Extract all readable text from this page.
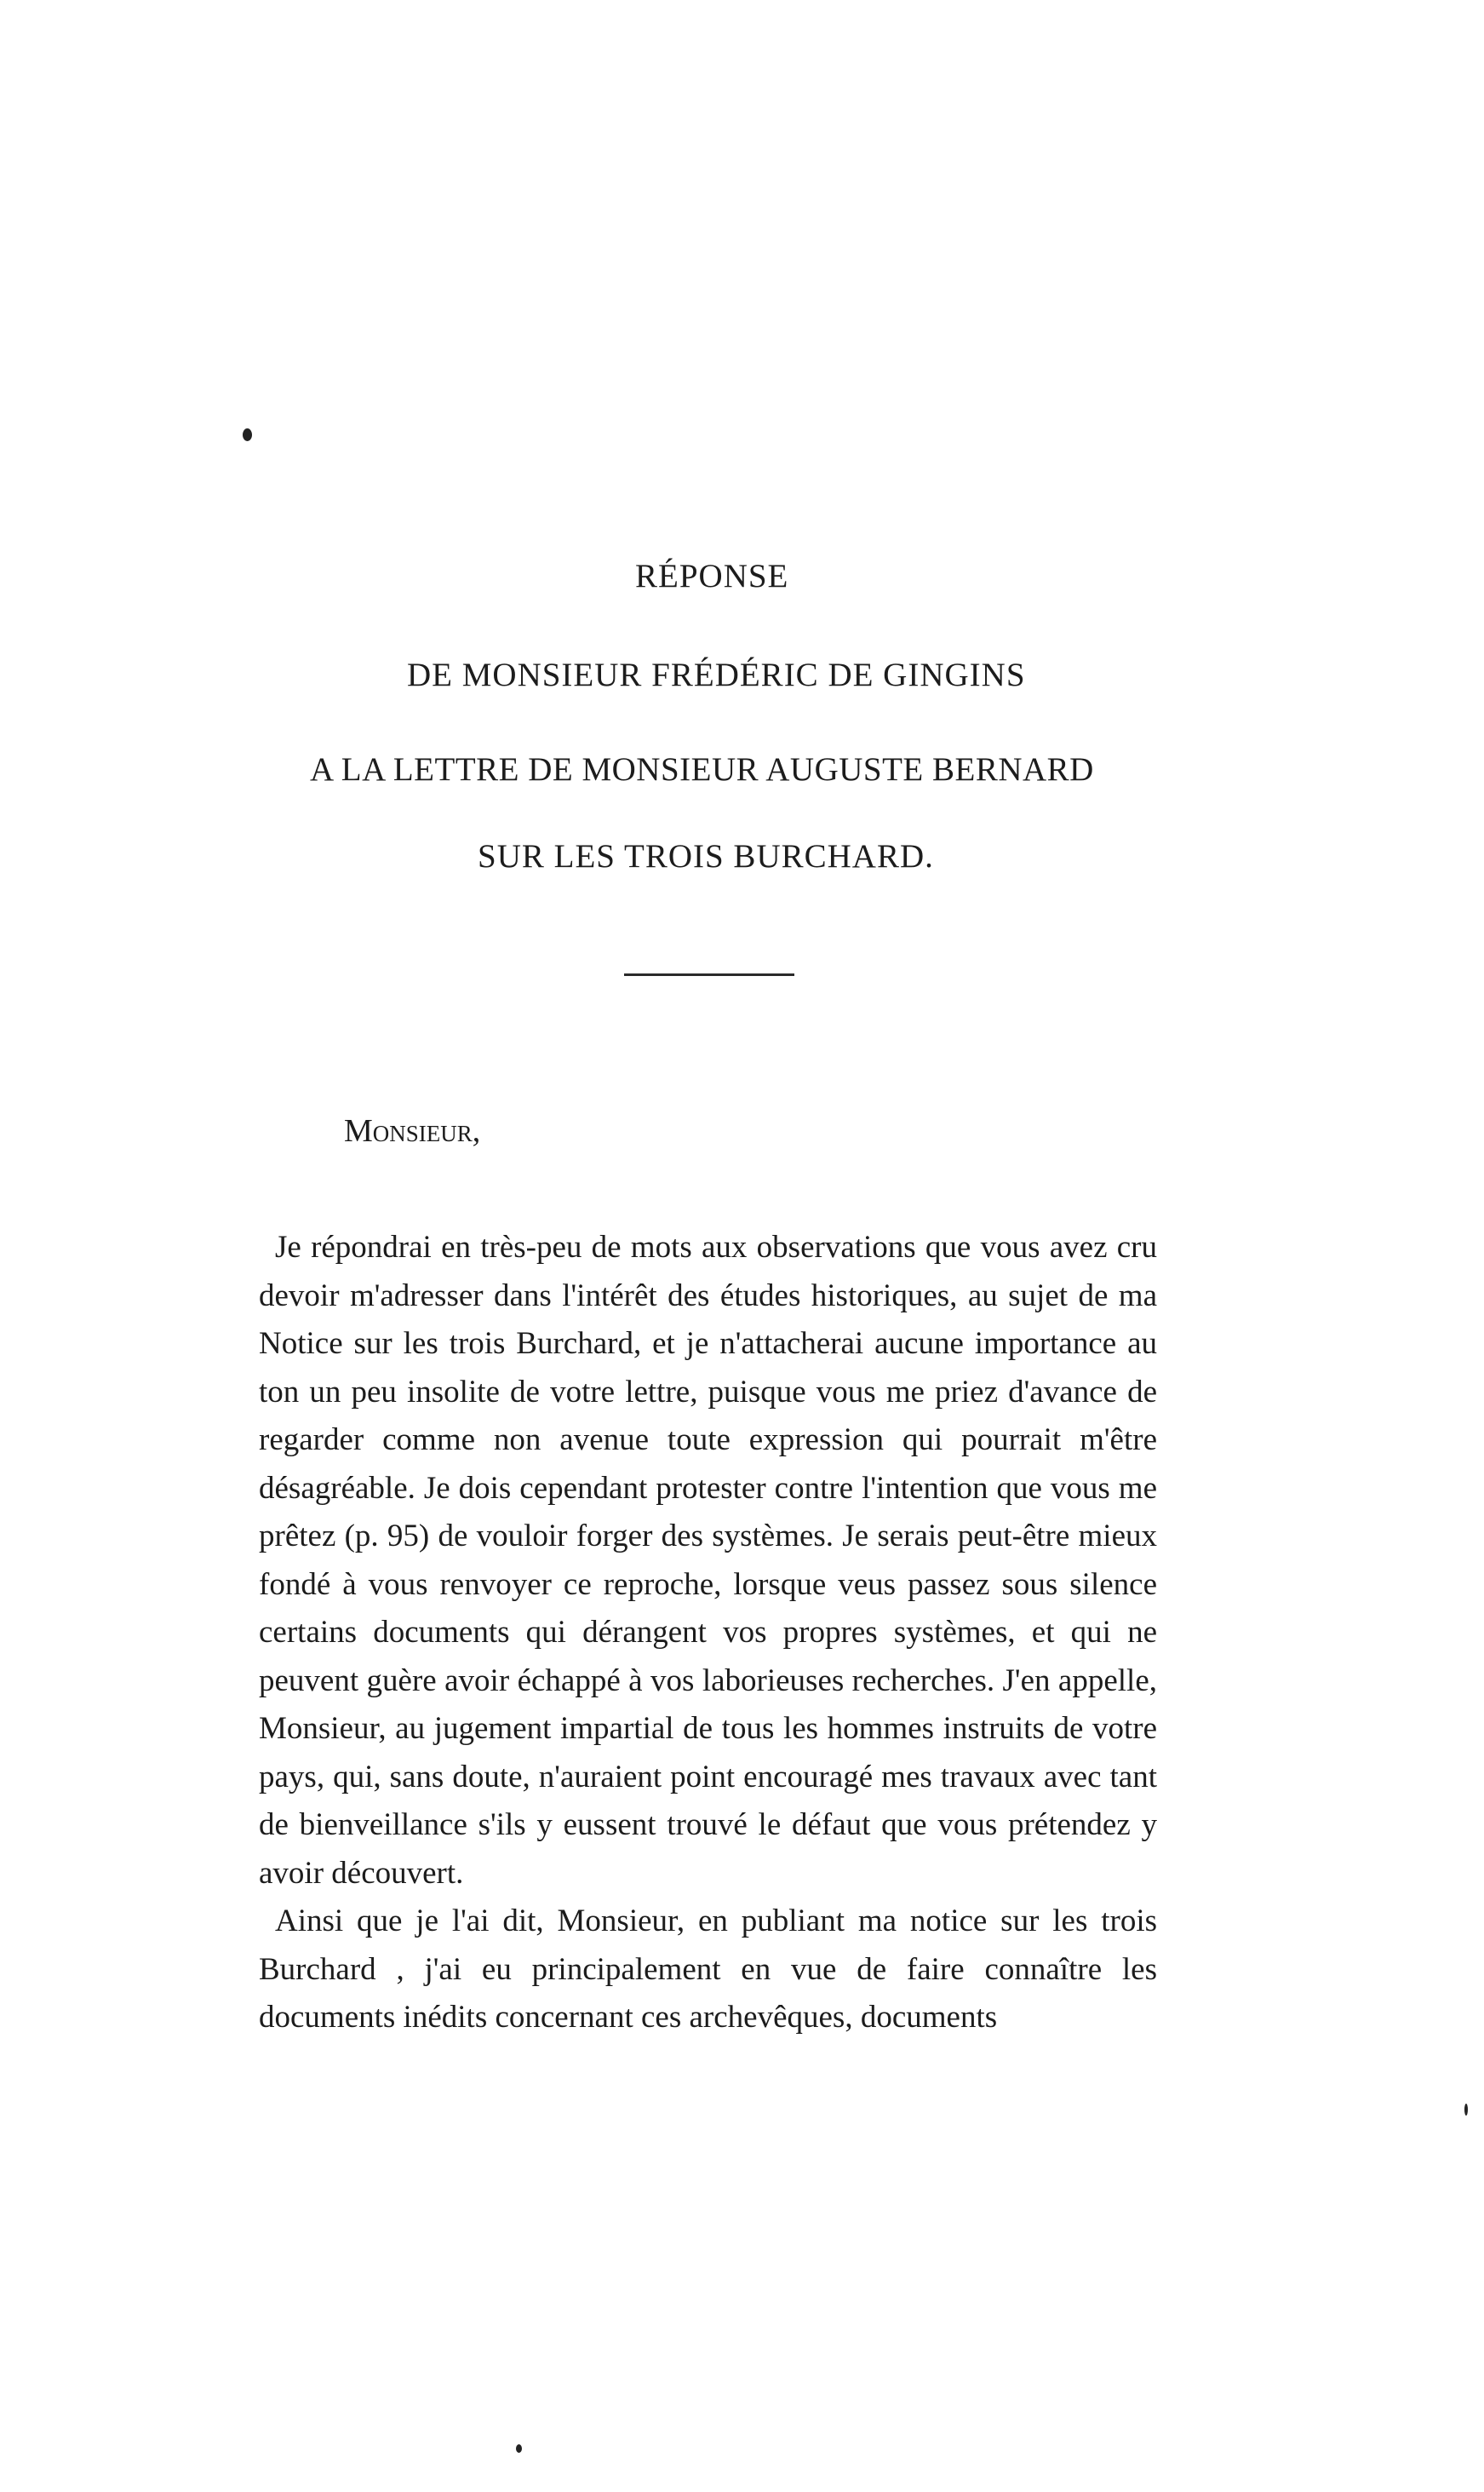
RÉPONSE
DE MONSIEUR FRÉDÉRIC DE GINGINS
A LA LETTRE DE MONSIEUR AUGUSTE BERNARD
SUR LES TROIS BURCHARD.
Monsieur,

Je répondrai en très-peu de mots aux observations que vous avez cru devoir m'adresser dans l'intérêt des études historiques, au sujet de ma Notice sur les trois Burchard, et je n'attacherai aucune importance au ton un peu insolite de votre lettre, puisque vous me priez d'avance de regarder comme non avenue toute expression qui pourrait m'être désagréable. Je dois cependant protester contre l'intention que vous me prêtez (p. 95) de vouloir forger des systèmes. Je serais peut-être mieux fondé à vous renvoyer ce reproche, lorsque veus passez sous silence certains documents qui dérangent vos propres systèmes, et qui ne peuvent guère avoir échappé à vos laborieuses recherches. J'en appelle, Monsieur, au jugement impartial de tous les hommes instruits de votre pays, qui, sans doute, n'auraient point encouragé mes travaux avec tant de bienveillance s'ils y eussent trouvé le défaut que vous prétendez y avoir découvert.

Ainsi que je l'ai dit, Monsieur, en publiant ma notice sur les trois Burchard , j'ai eu principalement en vue de faire connaître les documents inédits concernant ces archevêques, documents
